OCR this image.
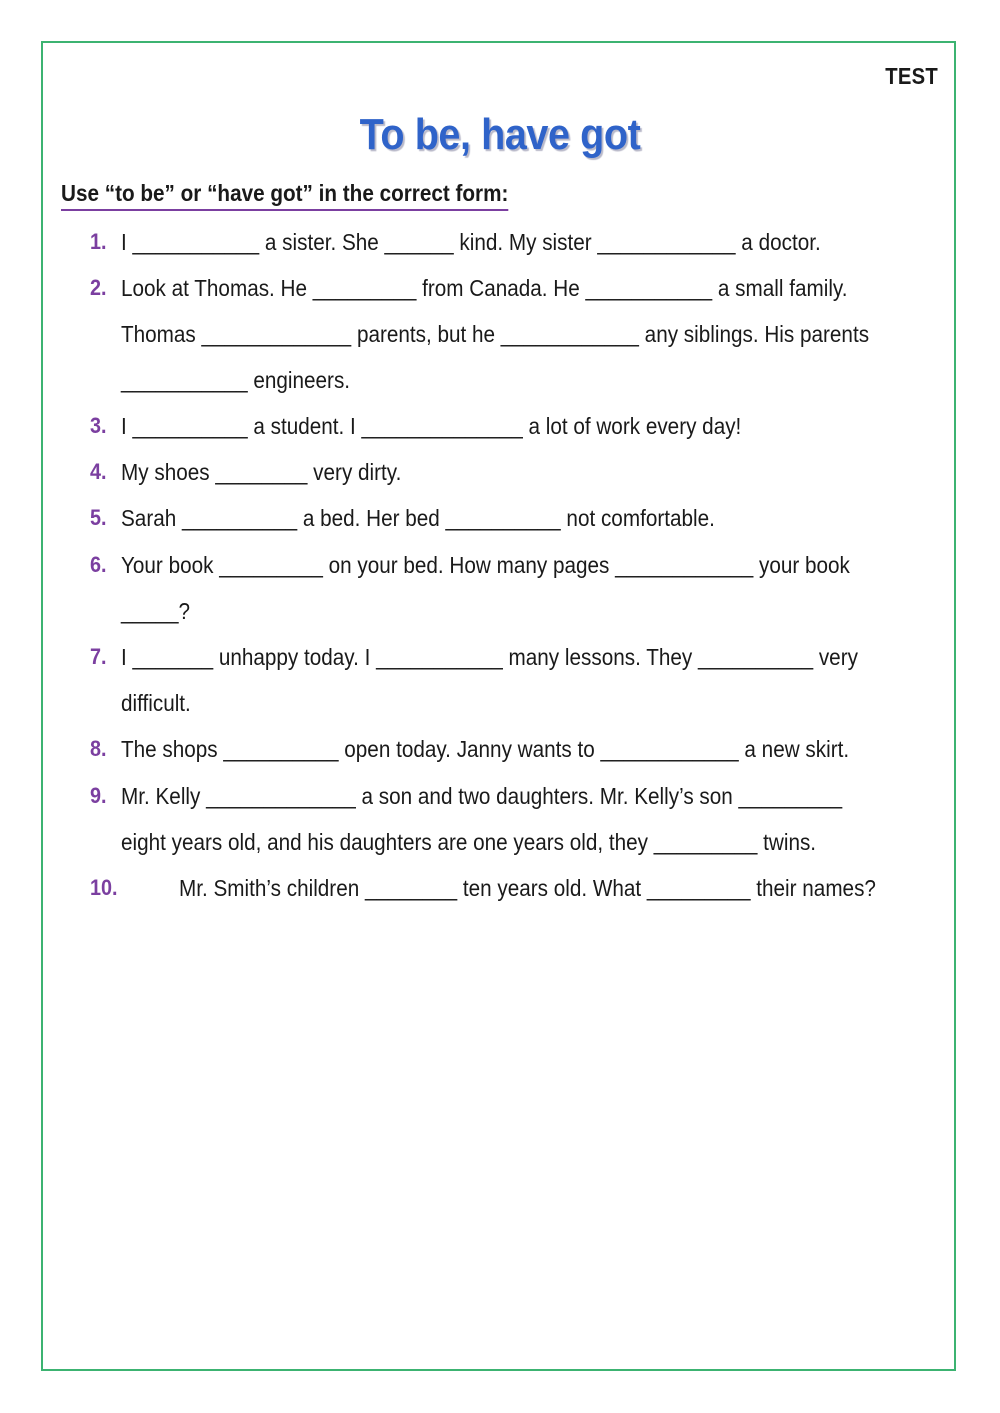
TEST
To be, have got
Use “to be” or “have got” in the correct form:
1. I ___________ a sister. She ______ kind. My sister ____________ a doctor.
2. Look at Thomas. He _________ from Canada. He ___________ a small family.
Thomas _____________ parents, but he ____________ any siblings. His parents
___________ engineers.
3. I __________ a student. I ______________ a lot of work every day!
4. My shoes ________ very dirty.
5. Sarah __________ a bed. Her bed __________ not comfortable.
6. Your book _________ on your bed. How many pages ____________ your book
_____?
7. I _______ unhappy today. I ___________ many lessons. They __________ very
difficult.
8. The shops __________ open today. Janny wants to ____________ a new skirt.
9. Mr. Kelly _____________ a son and two daughters. Mr. Kelly’s son _________
eight years old, and his daughters are one years old, they _________ twins.
10.	Mr. Smith’s children ________ ten years old. What _________ their names?
